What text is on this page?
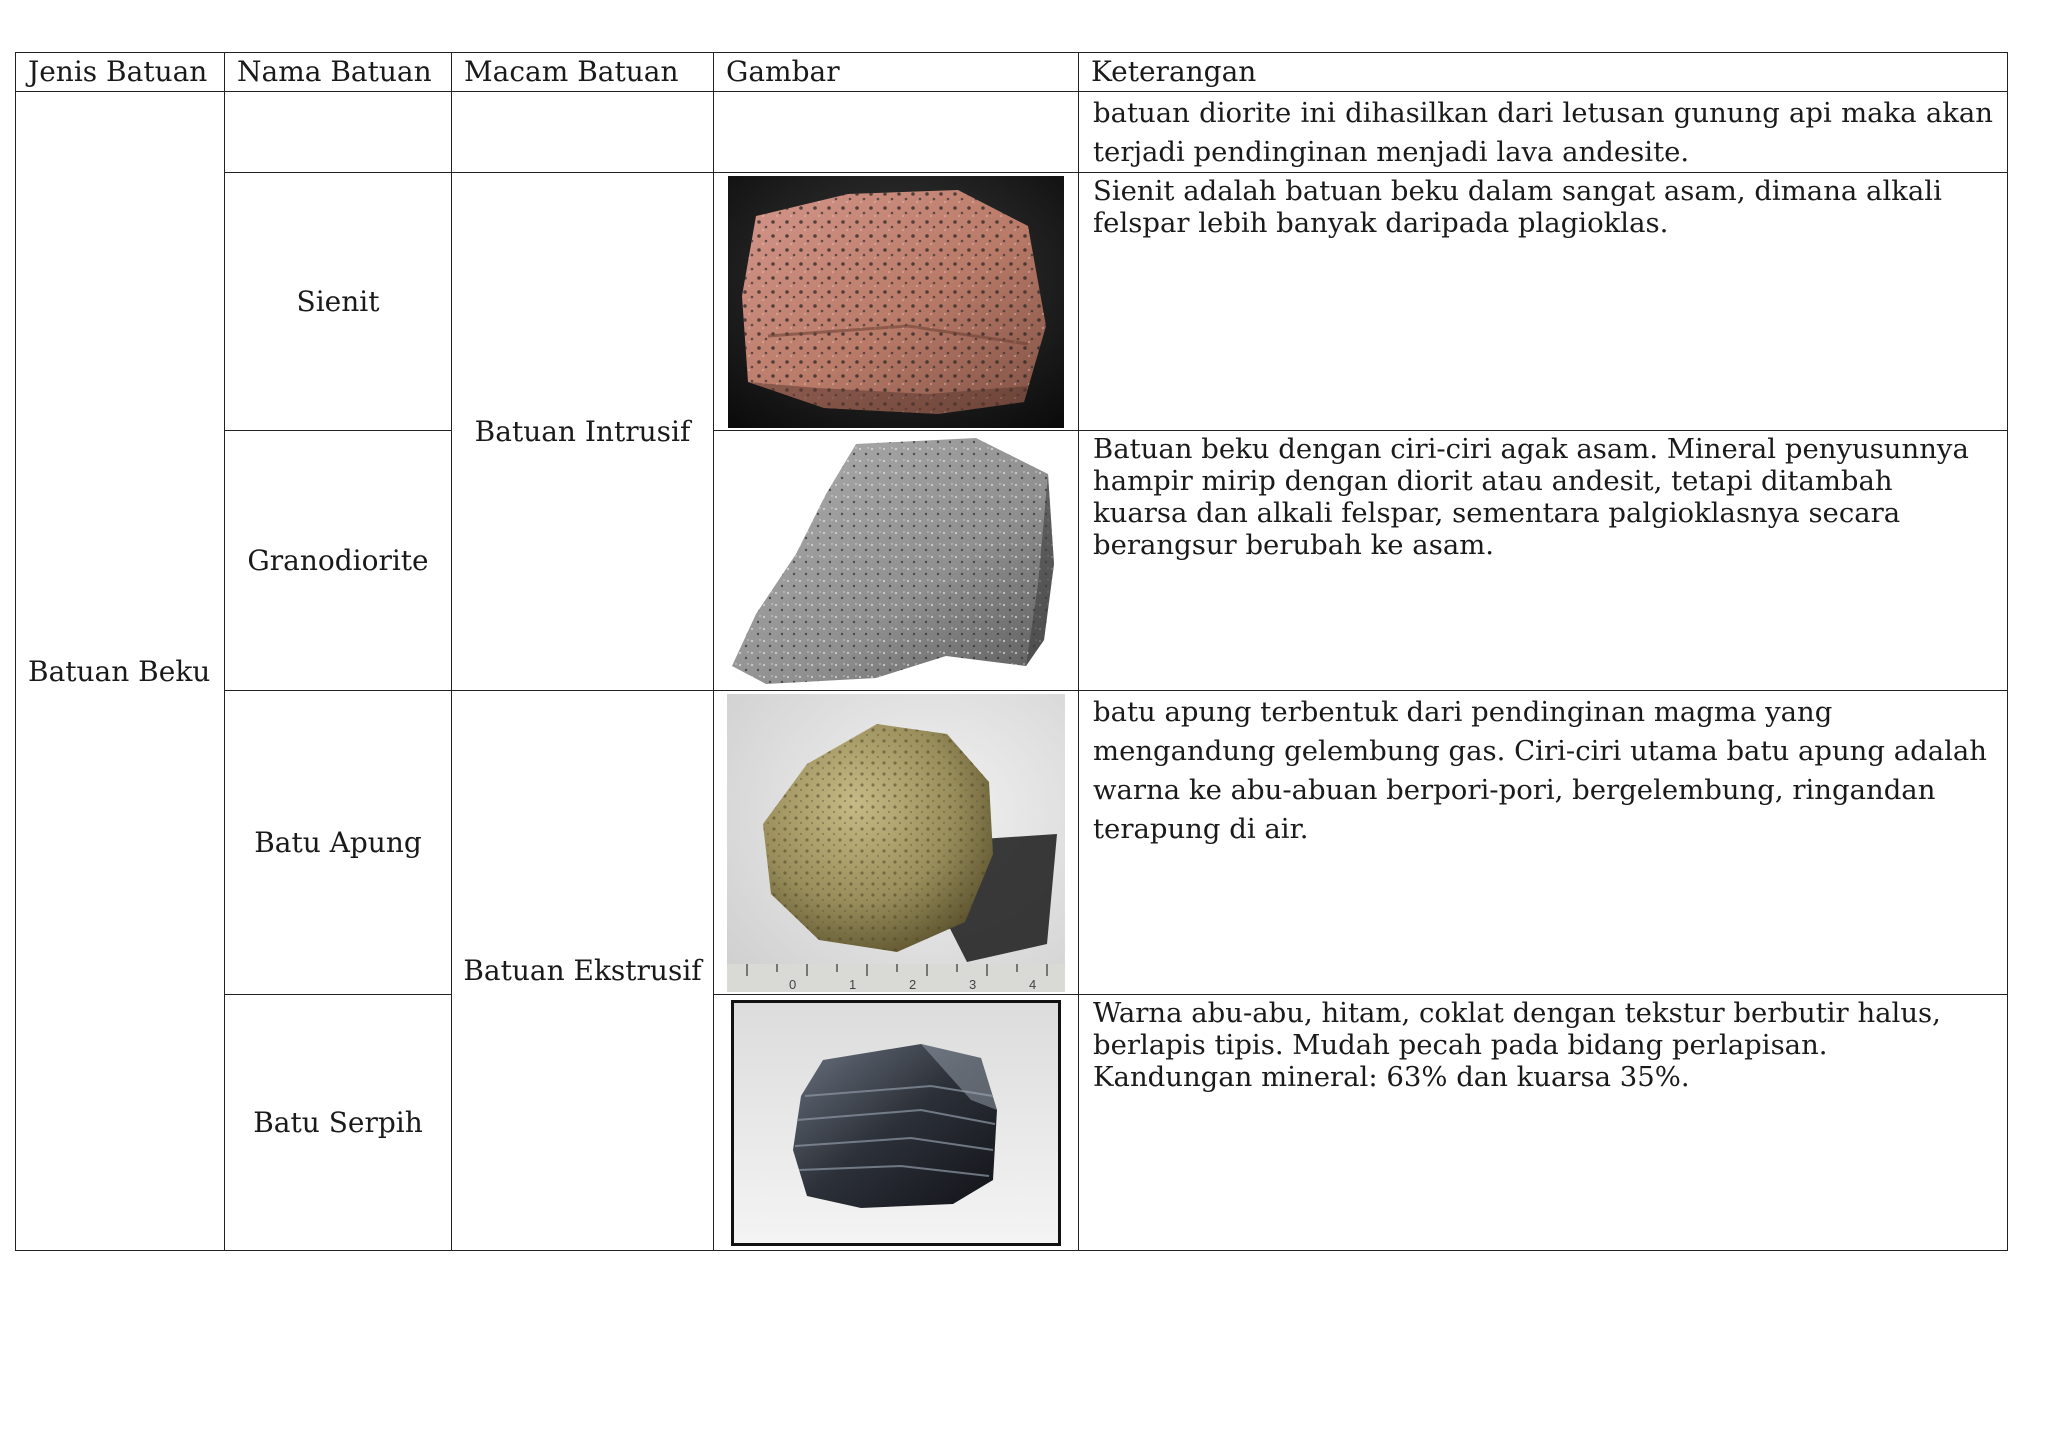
Jenis Batuan	Nama Batuan	Macam Batuan	Gambar	Keterangan
Batuan Beku				batuan diorite ini dihasilkan dari letusan gunung api maka akan terjadi pendinginan menjadi lava andesite.
	Sienit	Batuan Intrusif		Sienit adalah batuan beku dalam sangat asam, dimana alkali felspar lebih banyak daripada plagioklas.
	Granodiorite			Batuan beku dengan ciri-ciri agak asam. Mineral penyusunnya hampir mirip dengan diorit atau andesit, tetapi ditambah kuarsa dan alkali felspar, sementara palgioklasnya secara berangsur berubah ke asam.
	Batu Apung	Batuan Ekstrusif	0 1 2 3 4	batu apung terbentuk dari pendinginan magma yang mengandung gelembung gas. Ciri-ciri utama batu apung adalah warna ke abu-abuan berpori-pori, bergelembung, ringandan terapung di air.
	Batu Serpih			Warna abu-abu, hitam, coklat dengan tekstur berbutir halus, berlapis tipis. Mudah pecah pada bidang perlapisan. Kandungan mineral: 63% dan kuarsa 35%.
